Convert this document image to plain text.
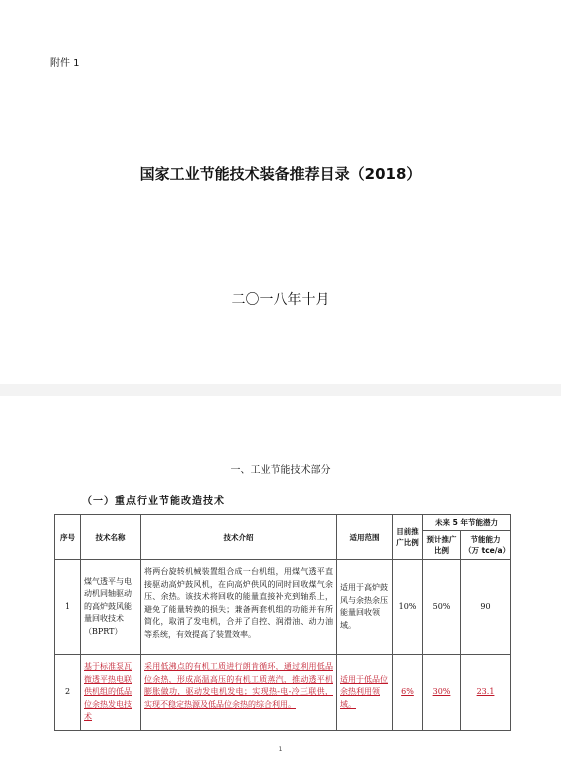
附件 1
国家工业节能技术装备推荐目录（2018）
二〇一八年十月
一、工业节能技术部分
（一）重点行业节能改造技术
序号	技术名称	技术介绍	适用范围	目前推广比例	未来 5 年节能潜力	
					预计推广比例	节能能力（万 tce/a）
1	煤气透平与电动机同轴驱动的高炉鼓风能量回收技术（BPRT）	将两台旋转机械装置组合成一台机组，用煤气透平直接驱动高炉鼓风机，在向高炉供风的同时回收煤气余压、余热。该技术将回收的能量直接补充到轴系上，避免了能量转换的损失；兼备两套机组的功能并有所简化，取消了发电机，合并了自控、润滑油、动力油等系统，有效提高了装置效率。	适用于高炉鼓风与余热余压能量回收领域。	10%	50%	90
2	基于标准泵瓦微透平热电联供机组的低品位余热发电技术	采用低沸点的有机工质进行朗肯循环，通过利用低品位余热，形成高温高压的有机工质蒸汽，推动透平机膨胀做功，驱动发电机发电；实现热-电-冷三联供，实现不稳定热源及低品位余热的综合利用。	适用于低品位余热利用领域。	6%	30%	23.1
1
